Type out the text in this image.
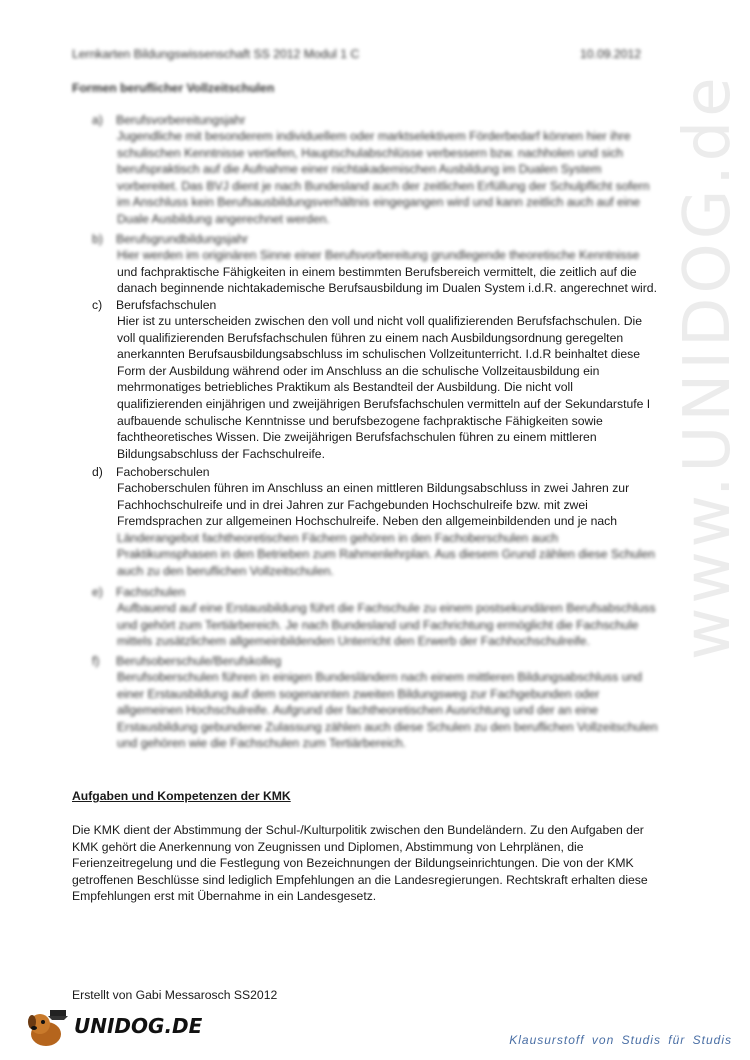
www.UNIDOG.de
Lernkarten Bildungswissenschaft SS 2012 Modul 1 C	10.09.2012
Formen beruflicher Vollzeitschulen
a) Berufsvorbereitungsjahr
Jugendliche mit besonderem individuellem oder marktselektivem Förderbedarf können hier ihre
schulischen Kenntnisse vertiefen, Hauptschulabschlüsse verbessern bzw. nachholen und sich
berufspraktisch auf die Aufnahme einer nichtakademischen Ausbildung im Dualen System
vorbereitet. Das BVJ dient je nach Bundesland auch der zeitlichen Erfüllung der Schulpflicht sofern
im Anschluss kein Berufsausbildungsverhältnis eingegangen wird und kann zeitlich auch auf eine
Duale Ausbildung angerechnet werden.
b) Berufsgrundbildungsjahr
Hier werden im originären Sinne einer Berufsvorbereitung grundlegende theoretische Kenntnisse
und fachpraktische Fähigkeiten in einem bestimmten Berufsbereich vermittelt, die zeitlich auf die
danach beginnende nichtakademische Berufsausbildung im Dualen System i.d.R. angerechnet wird.
c) Berufsfachschulen
Hier ist zu unterscheiden zwischen den voll und nicht voll qualifizierenden Berufsfachschulen. Die
voll qualifizierenden Berufsfachschulen führen zu einem nach Ausbildungsordnung geregelten
anerkannten Berufsausbildungsabschluss im schulischen Vollzeitunterricht. I.d.R beinhaltet diese
Form der Ausbildung während oder im Anschluss an die schulische Vollzeitausbildung ein
mehrmonatiges betriebliches Praktikum als Bestandteil der Ausbildung. Die nicht voll
qualifizierenden einjährigen und zweijährigen Berufsfachschulen vermitteln auf der Sekundarstufe I
aufbauende schulische Kenntnisse und berufsbezogene fachpraktische Fähigkeiten sowie
fachtheoretisches Wissen. Die zweijährigen Berufsfachschulen führen zu einem mittleren
Bildungsabschluss der Fachschulreife.
d) Fachoberschulen
Fachoberschulen führen im Anschluss an einen mittleren Bildungsabschluss in zwei Jahren zur
Fachhochschulreife und in drei Jahren zur Fachgebunden Hochschulreife bzw. mit zwei
Fremdsprachen zur allgemeinen Hochschulreife. Neben den allgemeinbildenden und je nach
Länderangebot fachtheoretischen Fächern gehören in den Fachoberschulen auch
Praktikumsphasen in den Betrieben zum Rahmenlehrplan. Aus diesem Grund zählen diese Schulen
auch zu den beruflichen Vollzeitschulen.
e) Fachschulen
Aufbauend auf eine Erstausbildung führt die Fachschule zu einem postsekundären Berufsabschluss
und gehört zum Tertiärbereich. Je nach Bundesland und Fachrichtung ermöglicht die Fachschule
mittels zusätzlichem allgemeinbildenden Unterricht den Erwerb der Fachhochschulreife.
f) Berufsoberschule/Berufskolleg
Berufsoberschulen führen in einigen Bundesländern nach einem mittleren Bildungsabschluss und
einer Erstausbildung auf dem sogenannten zweiten Bildungsweg zur Fachgebunden oder
allgemeinen Hochschulreife. Aufgrund der fachtheoretischen Ausrichtung und der an eine
Erstausbildung gebundene Zulassung zählen auch diese Schulen zu den beruflichen Vollzeitschulen
und gehören wie die Fachschulen zum Tertiärbereich.
Aufgaben und Kompetenzen der KMK
Die KMK dient der Abstimmung der Schul-/Kulturpolitik zwischen den Bundeländern. Zu den Aufgaben der
KMK gehört die Anerkennung von Zeugnissen und Diplomen, Abstimmung von Lehrplänen, die
Ferienzeitregelung und die Festlegung von Bezeichnungen der Bildungseinrichtungen. Die von der KMK
getroffenen Beschlüsse sind lediglich Empfehlungen an die Landesregierungen. Rechtskraft erhalten diese
Empfehlungen erst mit Übernahme in ein Landesgesetz.
Erstellt von Gabi Messarosch SS2012
UNIDOG.DE
Klausurstoff von Studis für Studis
